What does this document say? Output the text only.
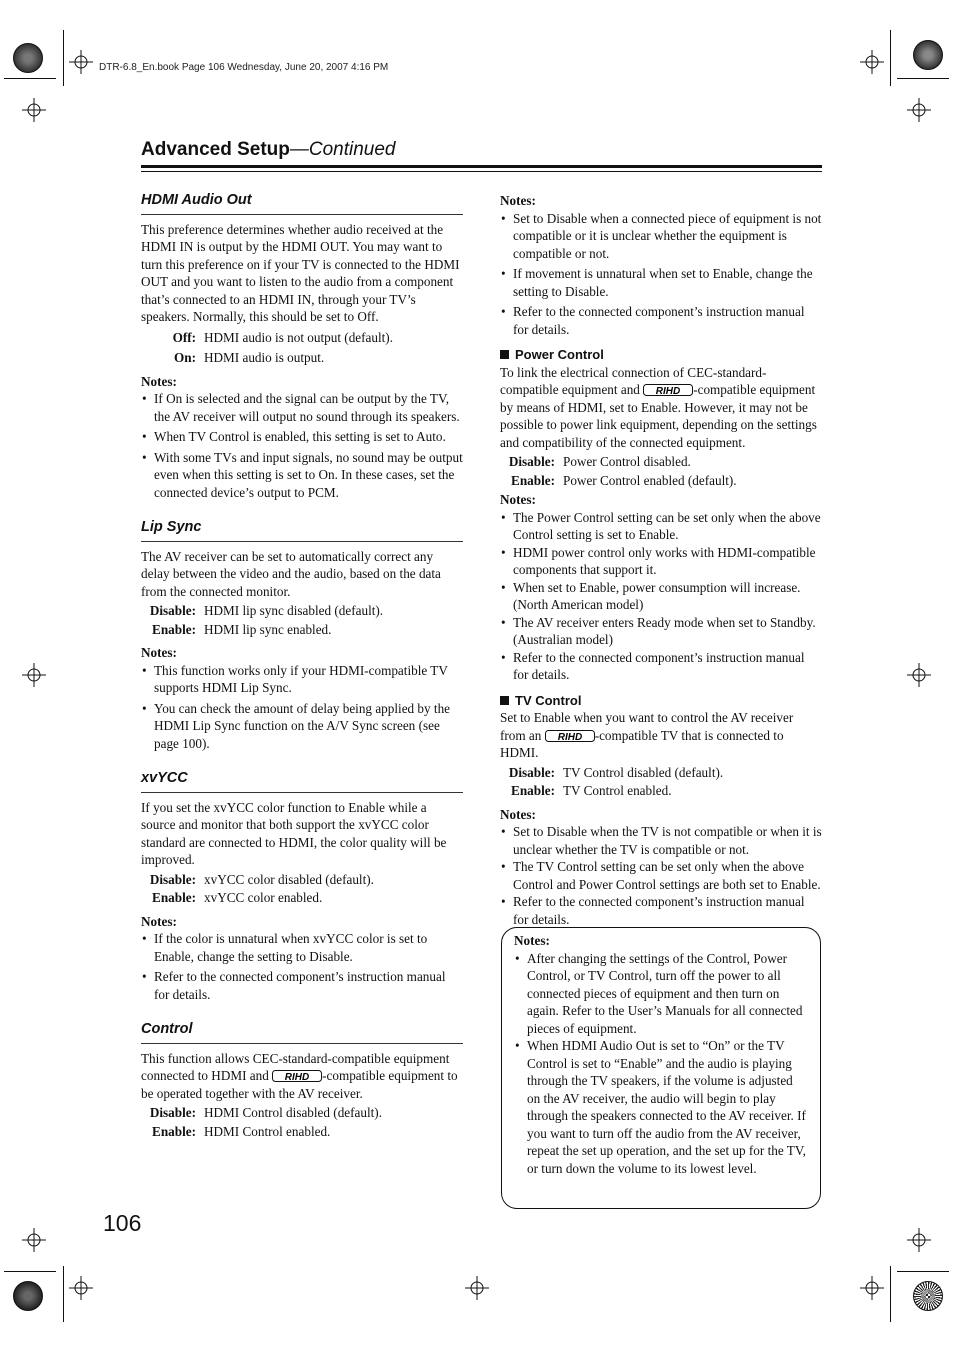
DTR-6.8_En.book Page 106 Wednesday, June 20, 2007 4:16 PM
Advanced Setup—Continued
HDMI Audio Out

This preference determines whether audio received at the HDMI IN is output by the HDMI OUT. You may want to turn this preference on if your TV is connected to the HDMI OUT and you want to listen to the audio from a component that’s connected to an HDMI IN, through your TV’s speakers. Normally, this should be set to Off.

Off: HDMI audio is not output (default).
On: HDMI audio is output.
Notes:
• If On is selected and the signal can be output by the TV, the AV receiver will output no sound through its speakers.
• When TV Control is enabled, this setting is set to Auto.
• With some TVs and input signals, no sound may be output even when this setting is set to On. In these cases, set the connected device’s output to PCM.
Lip Sync

The AV receiver can be set to automatically correct any delay between the video and the audio, based on the data from the connected monitor.

Disable: HDMI lip sync disabled (default).
Enable: HDMI lip sync enabled.
Notes:
• This function works only if your HDMI-compatible TV supports HDMI Lip Sync.
• You can check the amount of delay being applied by the HDMI Lip Sync function on the A/V Sync screen (see page 100).
xvYCC

If you set the xvYCC color function to Enable while a source and monitor that both support the xvYCC color standard are connected to HDMI, the color quality will be improved.

Disable: xvYCC color disabled (default).
Enable: xvYCC color enabled.
Notes:
• If the color is unnatural when xvYCC color is set to Enable, change the setting to Disable.
• Refer to the connected component’s instruction manual for details.
Control

This function allows CEC-standard-compatible equipment connected to HDMI and RIHD -compatible equipment to be operated together with the AV receiver.

Disable: HDMI Control disabled (default).
Enable: HDMI Control enabled.
Notes:
• Set to Disable when a connected piece of equipment is not compatible or it is unclear whether the equipment is compatible or not.
• If movement is unnatural when set to Enable, change the setting to Disable.
• Refer to the connected component’s instruction manual for details.
Power Control

To link the electrical connection of CEC-standard-compatible equipment and RIHD -compatible equipment by means of HDMI, set to Enable. However, it may not be possible to power link equipment, depending on the settings and compatibility of the connected equipment.

Disable: Power Control disabled.
Enable: Power Control enabled (default).
Notes:
• The Power Control setting can be set only when the above Control setting is set to Enable.
• HDMI power control only works with HDMI-compatible components that support it.
• When set to Enable, power consumption will increase. (North American model)
• The AV receiver enters Ready mode when set to Standby. (Australian model)
• Refer to the connected component’s instruction manual for details.
TV Control

Set to Enable when you want to control the AV receiver from an RIHD -compatible TV that is connected to HDMI.

Disable: TV Control disabled (default).
Enable: TV Control enabled.
Notes:
• Set to Disable when the TV is not compatible or when it is unclear whether the TV is compatible or not.
• The TV Control setting can be set only when the above Control and Power Control settings are both set to Enable.
• Refer to the connected component’s instruction manual for details.
Notes:
• After changing the settings of the Control, Power Control, or TV Control, turn off the power to all connected pieces of equipment and then turn on again. Refer to the User’s Manuals for all connected pieces of equipment.
• When HDMI Audio Out is set to “On” or the TV Control is set to “Enable” and the audio is playing through the TV speakers, if the volume is adjusted on the AV receiver, the audio will begin to play through the speakers connected to the AV receiver. If you want to turn off the audio from the AV receiver, repeat the set up operation, and the set up for the TV, or turn down the volume to its lowest level.
106
